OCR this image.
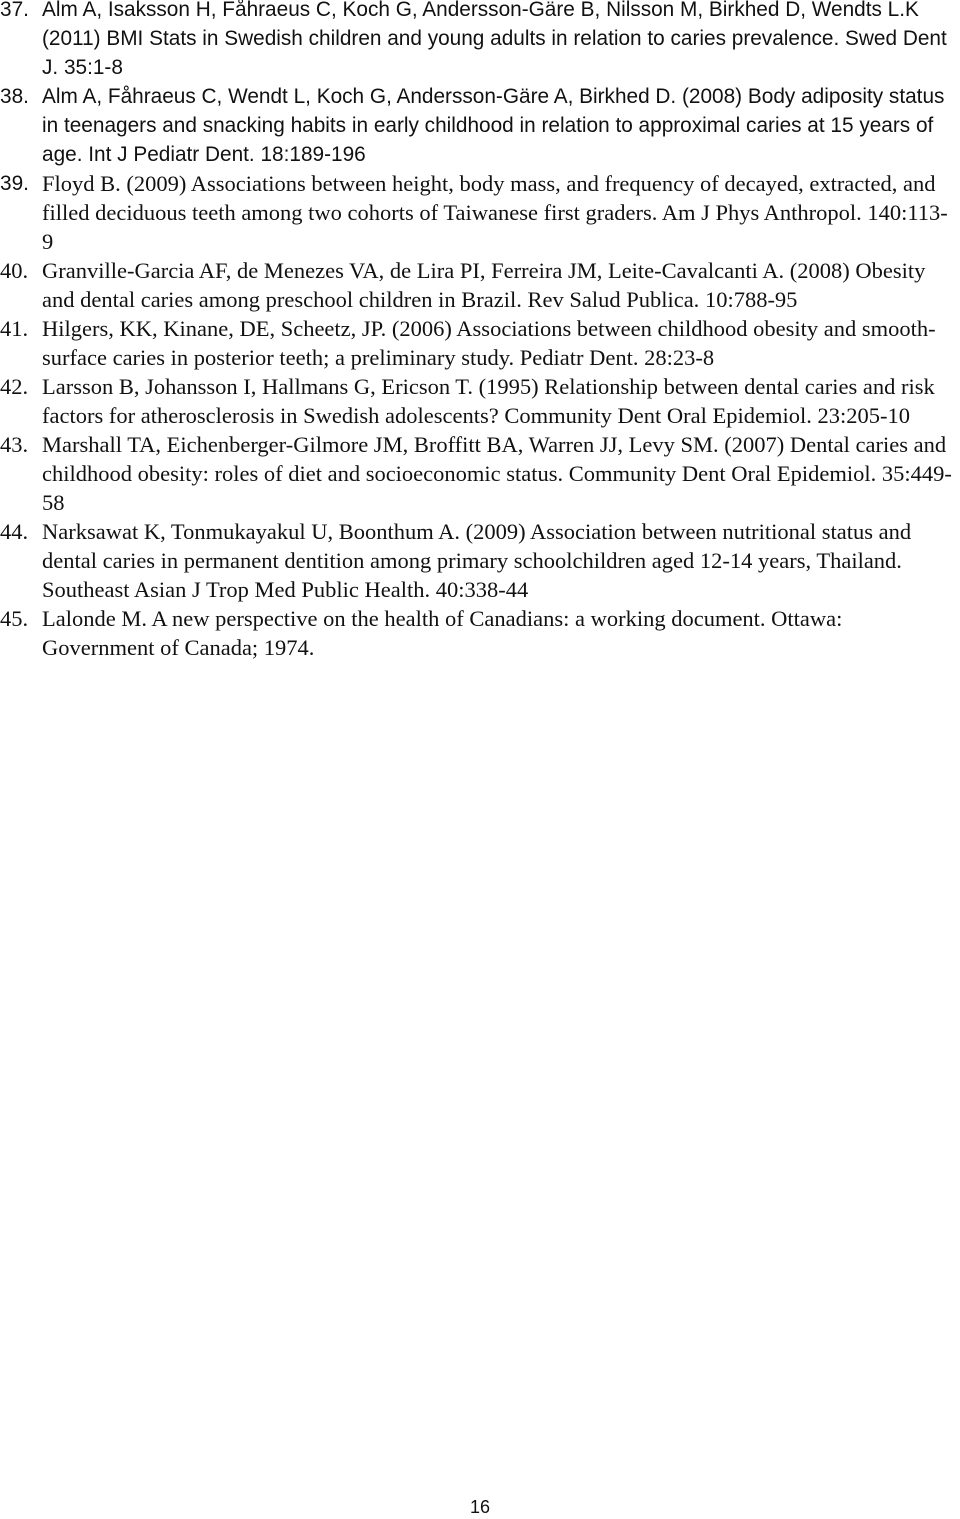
37. Alm A, Isaksson H, Fåhraeus C, Koch G, Andersson-Gäre B, Nilsson M, Birkhed D, Wendts L.K (2011) BMI Stats in Swedish children and young adults in relation to caries prevalence. Swed Dent J. 35:1-8
38. Alm A, Fåhraeus C, Wendt L, Koch G, Andersson-Gäre A, Birkhed D. (2008) Body adiposity status in teenagers and snacking habits in early childhood in relation to approximal caries at 15 years of age. Int J Pediatr Dent. 18:189-196
39. Floyd B. (2009) Associations between height, body mass, and frequency of decayed, extracted, and filled deciduous teeth among two cohorts of Taiwanese first graders. Am J Phys Anthropol. 140:113-9
40. Granville-Garcia AF, de Menezes VA, de Lira PI, Ferreira JM, Leite-Cavalcanti A. (2008) Obesity and dental caries among preschool children in Brazil. Rev Salud Publica. 10:788-95
41. Hilgers, KK, Kinane, DE, Scheetz, JP. (2006) Associations between childhood obesity and smooth-surface caries in posterior teeth; a preliminary study. Pediatr Dent. 28:23-8
42. Larsson B, Johansson I, Hallmans G, Ericson T. (1995) Relationship between dental caries and risk factors for atherosclerosis in Swedish adolescents? Community Dent Oral Epidemiol. 23:205-10
43. Marshall TA, Eichenberger-Gilmore JM, Broffitt BA, Warren JJ, Levy SM. (2007) Dental caries and childhood obesity: roles of diet and socioeconomic status. Community Dent Oral Epidemiol. 35:449-58
44. Narksawat K, Tonmukayakul U, Boonthum A. (2009) Association between nutritional status and dental caries in permanent dentition among primary schoolchildren aged 12-14 years, Thailand. Southeast Asian J Trop Med Public Health. 40:338-44
45. Lalonde M. A new perspective on the health of Canadians: a working document. Ottawa: Government of Canada; 1974.
16
